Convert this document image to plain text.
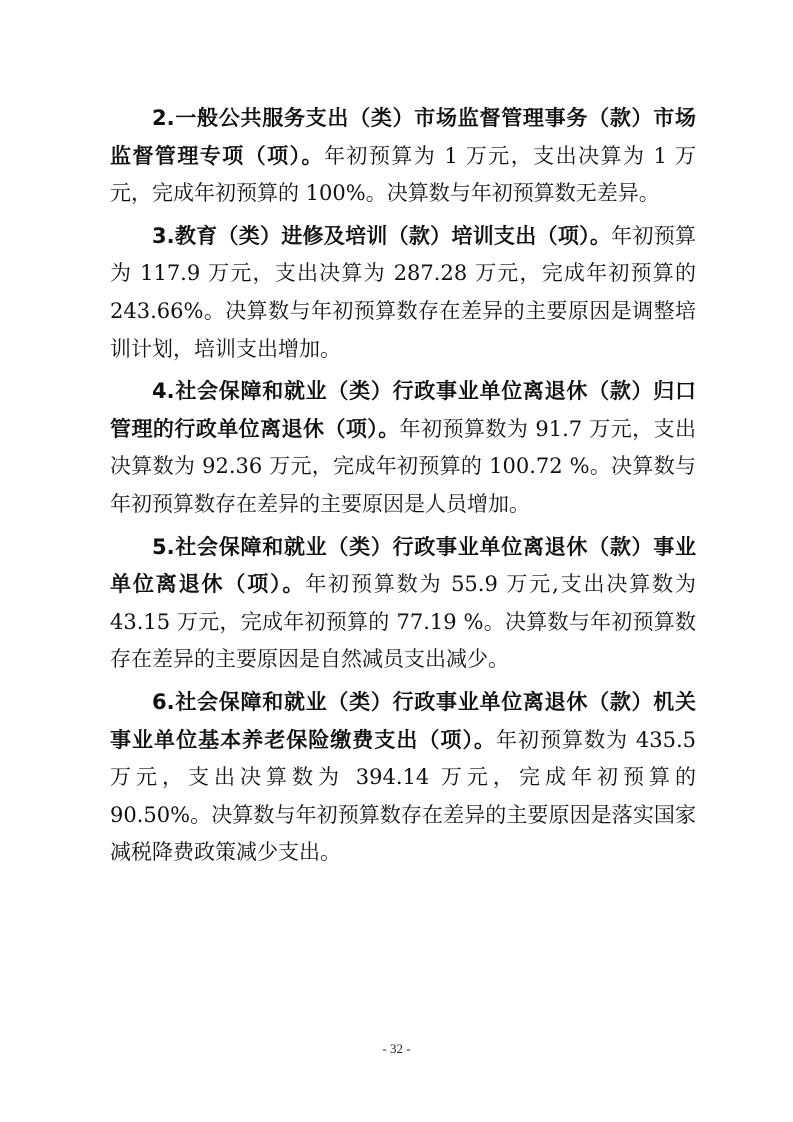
2.一般公共服务支出（类）市场监督管理事务（款）市场监督管理专项（项）。年初预算为 1 万元，支出决算为 1 万元，完成年初预算的 100%。决算数与年初预算数无差异。

3.教育（类）进修及培训（款）培训支出（项）。年初预算为 117.9 万元，支出决算为 287.28 万元，完成年初预算的 243.66%。决算数与年初预算数存在差异的主要原因是调整培训计划，培训支出增加。

4.社会保障和就业（类）行政事业单位离退休（款）归口管理的行政单位离退休（项）。年初预算数为 91.7 万元，支出决算数为 92.36 万元，完成年初预算的 100.72 %。决算数与年初预算数存在差异的主要原因是人员增加。

5.社会保障和就业（类）行政事业单位离退休（款）事业单位离退休（项）。年初预算数为 55.9 万元,支出决算数为 43.15 万元，完成年初预算的 77.19 %。决算数与年初预算数存在差异的主要原因是自然减员支出减少。

6.社会保障和就业（类）行政事业单位离退休（款）机关事业单位基本养老保险缴费支出（项）。年初预算数为 435.5 万元，支出决算数为 394.14 万元，完成年初预算的 90.50%。决算数与年初预算数存在差异的主要原因是落实国家减税降费政策减少支出。

- 32 -
